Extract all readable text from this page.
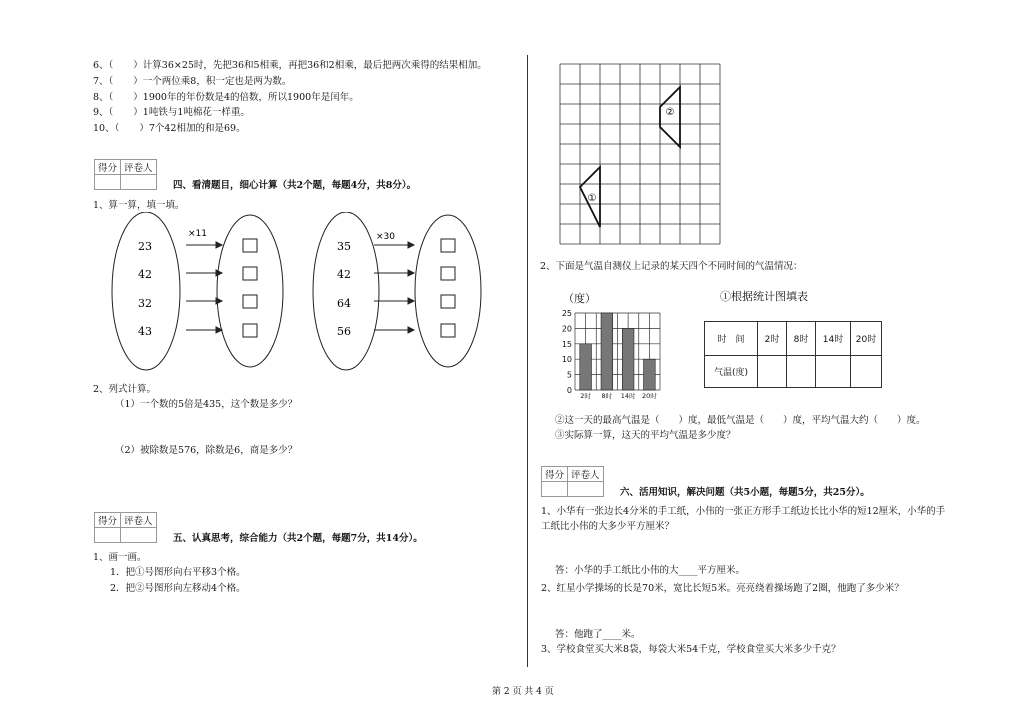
6、（ ）计算36×25时，先把36和5相乘，再把36和2相乘，最后把两次乘得的结果相加。
7、（ ）一个两位乘8，积一定也是两为数。
8、（ ）1900年的年份数是4的倍数，所以1900年是闰年。
9、（ ）1吨铁与1吨棉花一样重。
10、（ ）7个42相加的和是69。
得分	评卷人

四、看清题目，细心计算（共2个题，每题4分，共8分）。
1、算一算，填一填。
23
42
32
43
×11
35
42
64
56
×30
2、列式计算。
（1）一个数的5倍是435，这个数是多少？
（2）被除数是576，除数是6，商是多少？
得分	评卷人

五、认真思考，综合能力（共2个题，每题7分，共14分）。
1、画一画。
1．把①号图形向右平移3个格。
2．把②号图形向左移动4个格。
①
②
2、下面是气温自测仪上记录的某天四个不同时间的气温情况：
（度）	①根据统计图填表
0
5
10
15
20
25
2时 8时 14时 20时
时　间	2时	8时	14时	20时
气温(度)				
②这一天的最高气温是（　　）度，最低气温是（　　）度，平均气温大约（　　）度。
③实际算一算，这天的平均气温是多少度？
得分	评卷人

六、活用知识，解决问题（共5小题，每题5分，共25分）。
1、小华有一张边长4分米的手工纸，小伟的一张正方形手工纸边长比小华的短12厘米，小华的手
工纸比小伟的大多少平方厘米？
答：小华的手工纸比小伟的大____平方厘米。
2、红星小学操场的长是70米，宽比长短5米。亮亮绕着操场跑了2圈，他跑了多少米？
答：他跑了____米。
3、学校食堂买大米8袋，每袋大米54千克，学校食堂买大米多少千克？
第 2 页 共 4 页
